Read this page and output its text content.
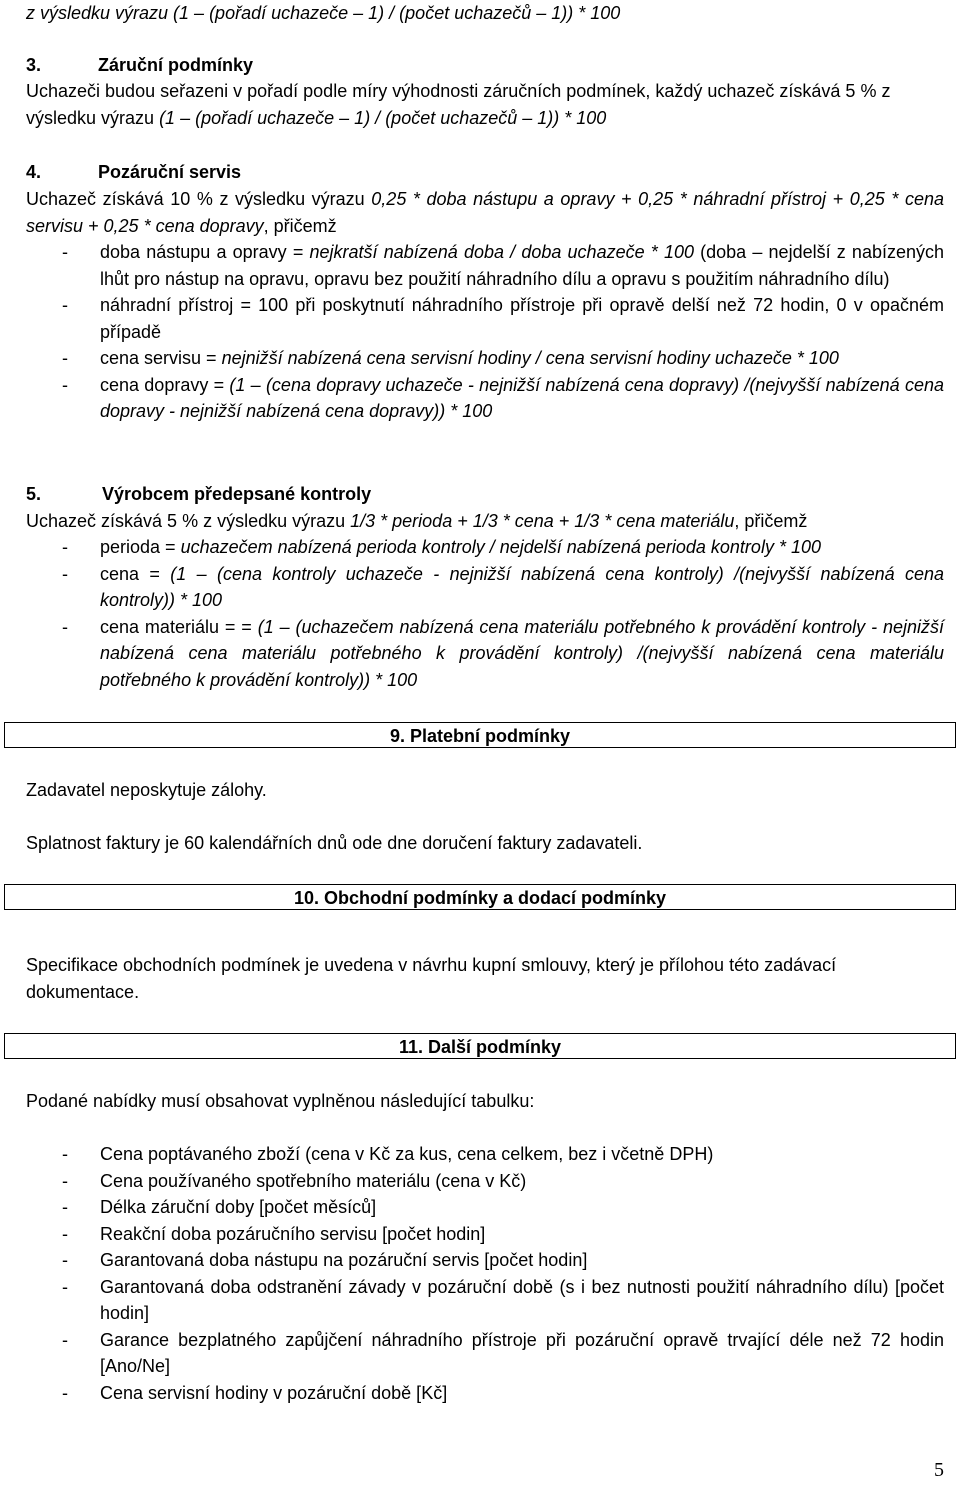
z výsledku výrazu (1 – (pořadí uchazeče – 1) / (počet uchazečů – 1)) * 100

3.	Záruční podmínky

Uchazeči budou seřazeni v pořadí podle míry výhodnosti záručních podmínek, každý uchazeč získává 5 % z výsledku výrazu (1 – (pořadí uchazeče – 1) / (počet uchazečů – 1)) * 100

4.	Pozáruční servis

Uchazeč získává 10 % z výsledku výrazu 0,25 * doba nástupu a opravy + 0,25 * náhradní přístroj + 0,25 * cena servisu + 0,25 * cena dopravy, přičemž

- doba nástupu a opravy = nejkratší nabízená doba / doba uchazeče * 100 (doba – nejdelší z nabízených lhůt pro nástup na opravu, opravu bez použití náhradního dílu a opravu s použitím náhradního dílu)
- náhradní přístroj = 100 při poskytnutí náhradního přístroje při opravě delší než 72 hodin, 0 v opačném případě
- cena servisu = nejnižší nabízená cena servisní hodiny / cena servisní hodiny uchazeče * 100
- cena dopravy = (1 – (cena dopravy uchazeče - nejnižší nabízená cena dopravy) /(nejvyšší nabízená cena dopravy - nejnižší nabízená cena dopravy)) * 100

5.	Výrobcem předepsané kontroly

Uchazeč získává 5 % z výsledku výrazu 1/3 * perioda + 1/3 * cena + 1/3 * cena materiálu, přičemž

- perioda = uchazečem nabízená perioda kontroly / nejdelší nabízená perioda kontroly * 100
- cena = (1 – (cena kontroly uchazeče - nejnižší nabízená cena kontroly) /(nejvyšší nabízená cena kontroly)) * 100
- cena materiálu = = (1 – (uchazečem nabízená cena materiálu potřebného k provádění kontroly - nejnižší nabízená cena materiálu potřebného k provádění kontroly) /(nejvyšší nabízená cena materiálu potřebného k provádění kontroly)) * 100
9. Platební podmínky

Zadavatel neposkytuje zálohy.

Splatnost faktury je 60 kalendářních dnů ode dne doručení faktury zadavateli.

10. Obchodní podmínky a dodací podmínky

Specifikace obchodních podmínek je uvedena v návrhu kupní smlouvy, který je přílohou této zadávací dokumentace.

11. Další podmínky

Podané nabídky musí obsahovat vyplněnou následující tabulku:

- Cena poptávaného zboží (cena v Kč za kus, cena celkem, bez i včetně DPH)
- Cena používaného spotřebního materiálu (cena v Kč)
- Délka záruční doby [počet měsíců]
- Reakční doba pozáručního servisu [počet hodin]
- Garantovaná doba nástupu na pozáruční servis [počet hodin]
- Garantovaná doba odstranění závady v pozáruční době (s i bez nutnosti použití náhradního dílu) [počet hodin]
- Garance bezplatného zapůjčení náhradního přístroje při pozáruční opravě trvající déle než 72 hodin [Ano/Ne]
- Cena servisní hodiny v pozáruční době [Kč]
5
